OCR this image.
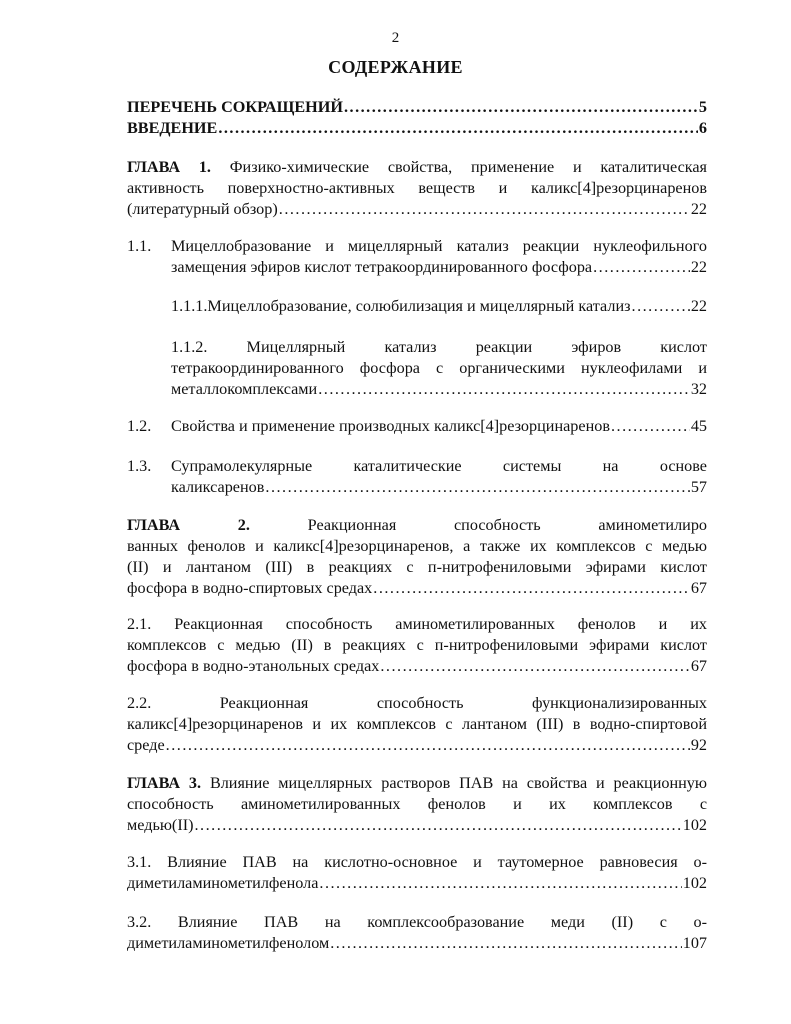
2
СОДЕРЖАНИЕ
ПЕРЕЧЕНЬ СОКРАЩЕНИЙ .....	5
ВВЕДЕНИЕ .....	6
ГЛАВА 1. Физико-химические свойства, применение и каталитическая
активность поверхностно-активных веществ и каликс[4]резорцинаренов
(литературный обзор) .....	22
1.1. Мицеллобразование и мицеллярный катализ реакции нуклеофильного
замещения эфиров кислот тетракоординированного фосфора .....	22
1.1.1.Мицеллобразование, солюбилизация и мицеллярный катализ .....	22
1.1.2. Мицеллярный катализ реакции эфиров кислот
тетракоординированного фосфора с органическими нуклеофилами и
металлокомплексами .....	32
1.2. Свойства и применение производных каликс[4]резорцинаренов .....	45
1.3. Супрамолекулярные каталитические системы на основе
каликсаренов .....	57
ГЛАВА 2.	Реакционная способность аминометилиро
ванных фенолов и каликс[4]резорцинаренов, а также их комплексов с медью
(II) и лантаном (III) в реакциях с п-нитрофениловыми эфирами кислот
фосфора в водно-спиртовых средах .....	67
2.1. Реакционная способность аминометилированных фенолов и их
комплексов с медью (II) в реакциях с п-нитрофениловыми эфирами кислот
фосфора в водно-этанольных средах .....	67
2.2.	Реакционная способность функционализированных
каликс[4]резорцинаренов и их комплексов с лантаном (III) в водно-спиртовой
среде .....	92
ГЛАВА 3. Влияние мицеллярных растворов ПАВ на свойства и реакционную
способность аминометилированных фенолов и их комплексов с
медью(II) .....	102
3.1. Влияние ПАВ на кислотно-основное и таутомерное равновесия о-
диметиламинометилфенола .....	102
3.2. Влияние ПАВ на комплексообразование меди (II) с о-
диметиламинометилфенолом .....	107
